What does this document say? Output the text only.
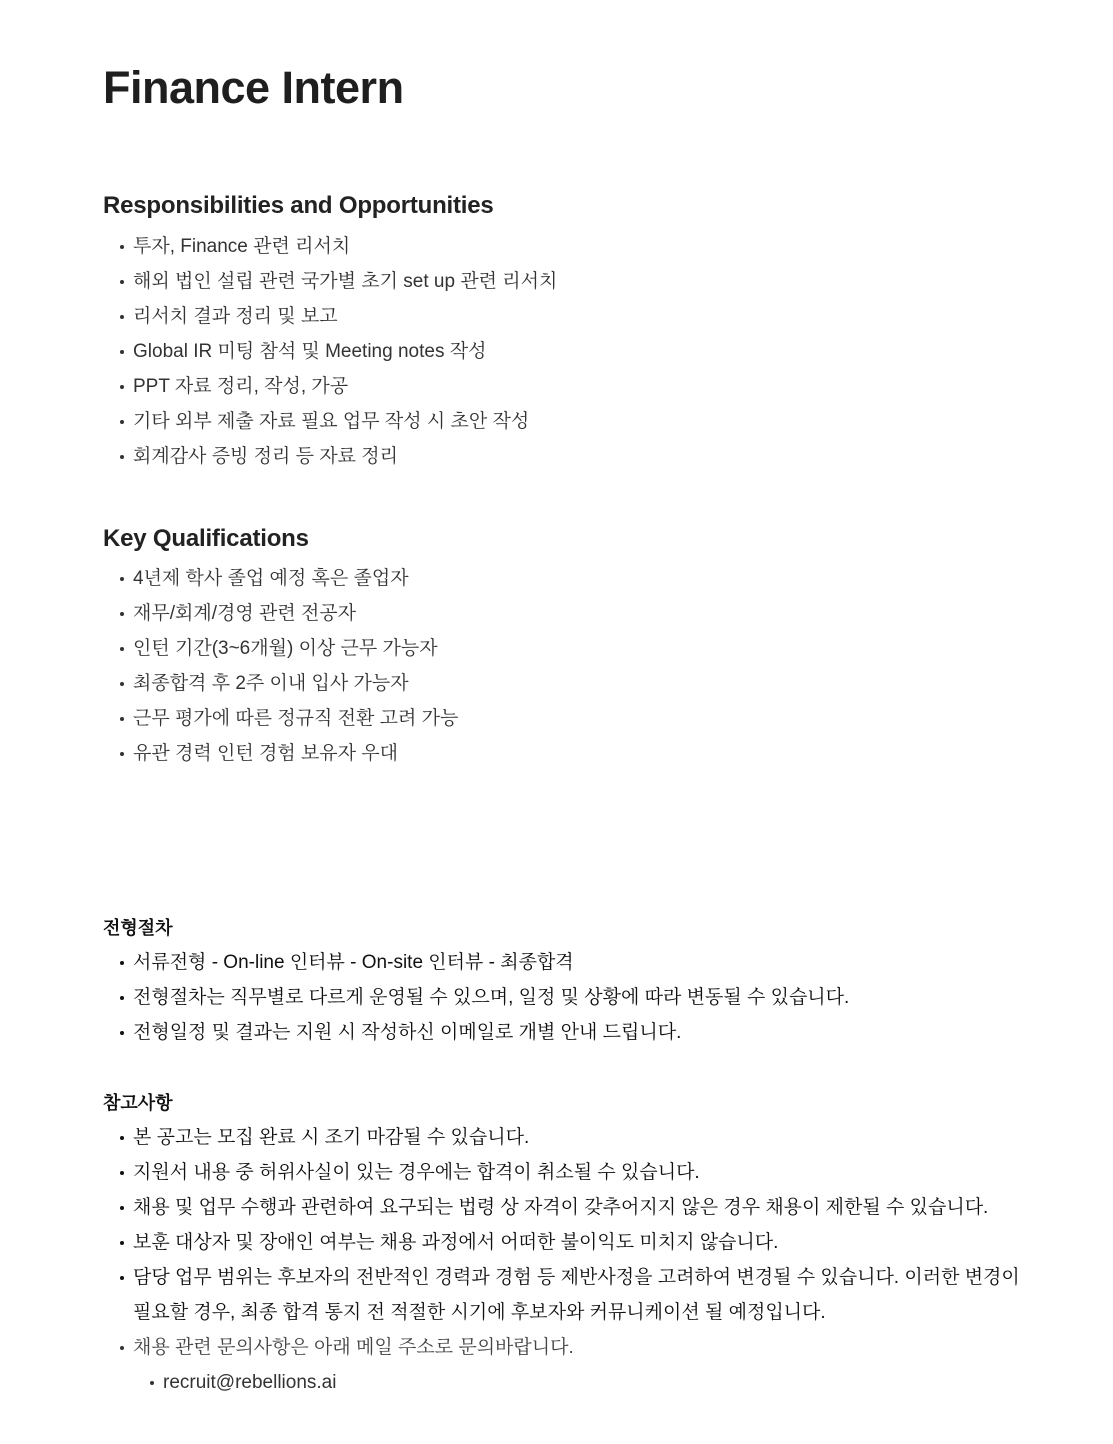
Finance Intern
Responsibilities and Opportunities
투자, Finance 관련 리서치
해외 법인 설립 관련 국가별 초기 set up 관련 리서치
리서치 결과 정리 및 보고
Global IR 미팅 참석 및 Meeting notes 작성
PPT 자료 정리, 작성, 가공
기타 외부 제출 자료 필요 업무 작성 시 초안 작성
회계감사 증빙 정리 등 자료 정리
Key Qualifications
4년제 학사 졸업 예정 혹은 졸업자
재무/회계/경영 관련 전공자
인턴 기간(3~6개월) 이상 근무 가능자
최종합격 후 2주 이내 입사 가능자
근무 평가에 따른 정규직 전환 고려 가능
유관 경력 인턴 경험 보유자 우대
전형절차
서류전형 - On-line 인터뷰 - On-site 인터뷰 - 최종합격
전형절차는 직무별로 다르게 운영될 수 있으며, 일정 및 상황에 따라 변동될 수 있습니다.
전형일정 및 결과는 지원 시 작성하신 이메일로 개별 안내 드립니다.
참고사항
본 공고는 모집 완료 시 조기 마감될 수 있습니다.
지원서 내용 중 허위사실이 있는 경우에는 합격이 취소될 수 있습니다.
채용 및 업무 수행과 관련하여 요구되는 법령 상 자격이 갖추어지지 않은 경우 채용이 제한될 수 있습니다.
보훈 대상자 및 장애인 여부는 채용 과정에서 어떠한 불이익도 미치지 않습니다.
담당 업무 범위는 후보자의 전반적인 경력과 경험 등 제반사정을 고려하여 변경될 수 있습니다. 이러한 변경이 필요할 경우, 최종 합격 통지 전 적절한 시기에 후보자와 커뮤니케이션 될 예정입니다.
채용 관련 문의사항은 아래 메일 주소로 문의바랍니다.
recruit@rebellions.ai
